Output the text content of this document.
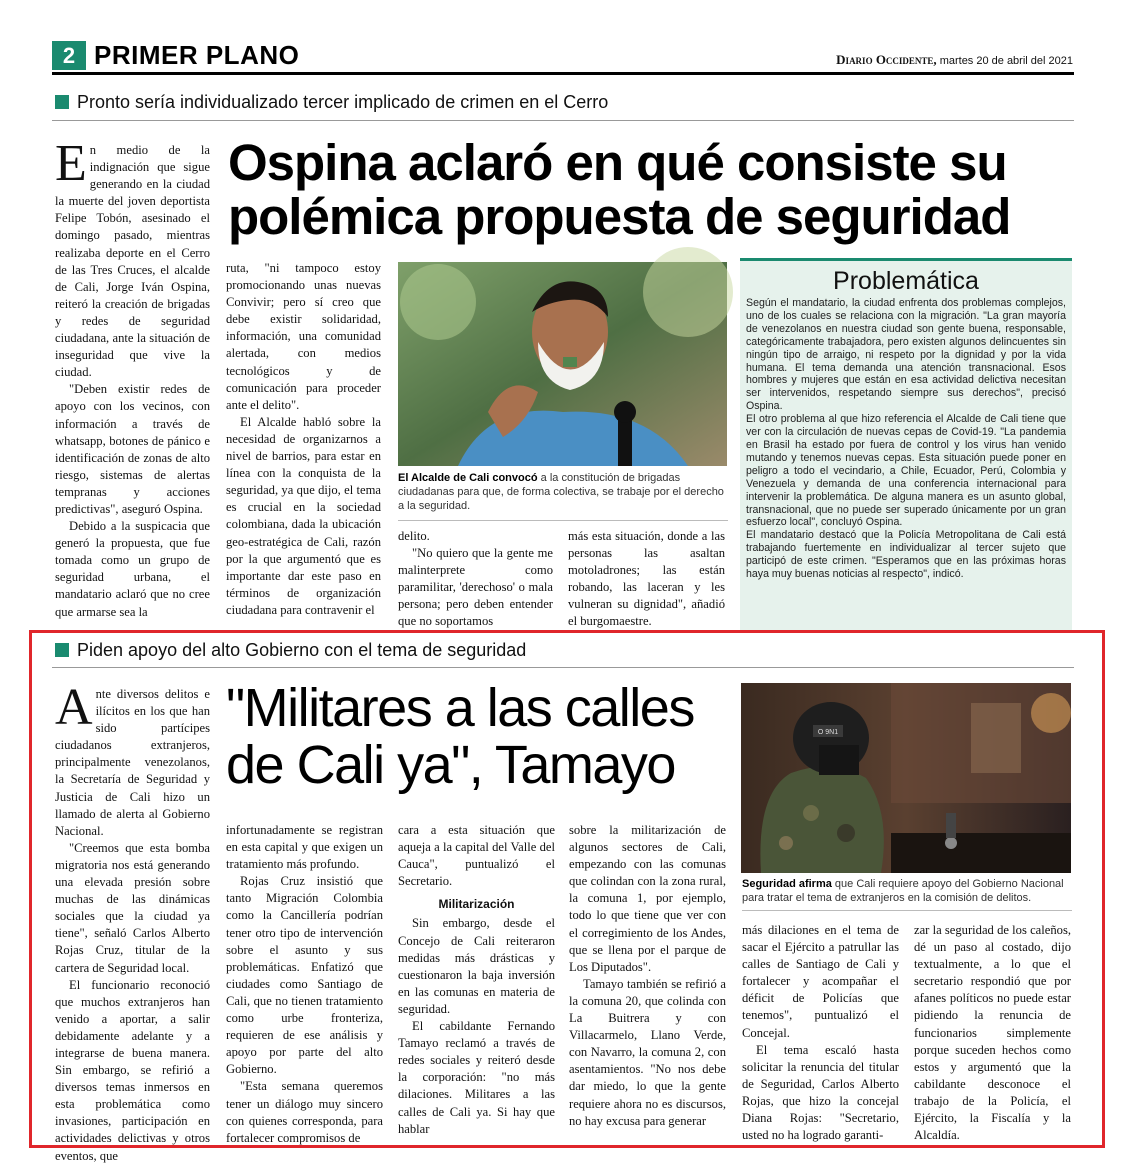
2 PRIMER PLANO	Diario Occidente, martes 20 de abril del 2021
Pronto sería individualizado tercer implicado de crimen en el Cerro
Ospina aclaró en qué consiste su
polémica propuesta de seguridad

En medio de la indignación que sigue generando en la ciudad la muerte del joven deportista Felipe Tobón, asesinado el domingo pasado, mientras realizaba deporte en el Cerro de las Tres Cruces, el alcalde de Cali, Jorge Iván Ospina, reiteró la creación de brigadas y redes de seguridad ciudadana, ante la situación de inseguridad que vive la ciudad.

"Deben existir redes de apoyo con los vecinos, con información a través de whatsapp, botones de pánico e identificación de zonas de alto riesgo, sistemas de alertas tempranas y acciones predictivas", aseguró Ospina.

Debido a la suspicacia que generó la propuesta, que fue tomada como un grupo de seguridad urbana, el mandatario aclaró que no cree que armarse sea la

ruta, "ni tampoco estoy promocionando unas nuevas Convivir; pero sí creo que debe existir solidaridad, información, una comunidad alertada, con medios tecnológicos y de comunicación para proceder ante el delito".

El Alcalde habló sobre la necesidad de organizarnos a nivel de barrios, para estar en línea con la conquista de la seguridad, ya que dijo, el tema es crucial en la sociedad colombiana, dada la ubicación geo-estratégica de Cali, razón por la que argumentó que es importante dar este paso en términos de organización ciudadana para contravenir el

El Alcalde de Cali convocó a la constitución de brigadas ciudadanas para que, de forma colectiva, se trabaje por el derecho a la seguridad.

delito.

"No quiero que la gente me malinterprete como paramilitar, 'derechoso' o mala persona; pero deben entender que no soportamos

más esta situación, donde a las personas las asaltan motoladrones; las están robando, las laceran y les vulneran su dignidad", añadió el burgomaestre.

Problemática
Según el mandatario, la ciudad enfrenta dos problemas complejos, uno de los cuales se relaciona con la migración. "La gran mayoría de venezolanos en nuestra ciudad son gente buena, responsable, categóricamente trabajadora, pero existen algunos delincuentes sin ningún tipo de arraigo, ni respeto por la dignidad y por la vida humana. El tema demanda una atención transnacional. Esos hombres y mujeres que están en esa actividad delictiva necesitan ser intervenidos, respetando siempre sus derechos", precisó Ospina.
El otro problema al que hizo referencia el Alcalde de Cali tiene que ver con la circulación de nuevas cepas de Covid-19. "La pandemia en Brasil ha estado por fuera de control y los virus han venido mutando y tenemos nuevas cepas. Esta situación puede poner en peligro a todo el vecindario, a Chile, Ecuador, Perú, Colombia y Venezuela y demanda de una conferencia internacional para intervenir la problemática. De alguna manera es un asunto global, transnacional, que no puede ser superado únicamente por un gran esfuerzo local", concluyó Ospina.
El mandatario destacó que la Policía Metropolitana de Cali está trabajando fuertemente en individualizar al tercer sujeto que participó de este crimen. "Esperamos que en las próximas horas haya muy buenas noticias al respecto", indicó.
Piden apoyo del alto Gobierno con el tema de seguridad
"Militares a las calles
de Cali ya", Tamayo

Ante diversos delitos e ilícitos en los que han sido partícipes ciudadanos extranjeros, principalmente venezolanos, la Secretaría de Seguridad y Justicia de Cali hizo un llamado de alerta al Gobierno Nacional.

"Creemos que esta bomba migratoria nos está generando una elevada presión sobre muchas de las dinámicas sociales que la ciudad ya tiene", señaló Carlos Alberto Rojas Cruz, titular de la cartera de Seguridad local.

El funcionario reconoció que muchos extranjeros han venido a aportar, a salir debidamente adelante y a integrarse de buena manera. Sin embargo, se refirió a diversos temas inmersos en esta problemática como invasiones, participación en actividades delictivas y otros eventos, que

infortunadamente se registran en esta capital y que exigen un tratamiento más profundo.

Rojas Cruz insistió que tanto Migración Colombia como la Cancillería podrían tener otro tipo de intervención sobre el asunto y sus problemáticas. Enfatizó que ciudades como Santiago de Cali, que no tienen tratamiento como urbe fronteriza, requieren de ese análisis y apoyo por parte del alto Gobierno.

"Esta semana queremos tener un diálogo muy sincero con quienes corresponda, para fortalecer compromisos de

cara a esta situación que aqueja a la capital del Valle del Cauca", puntualizó el Secretario.

Militarización

Sin embargo, desde el Concejo de Cali reiteraron medidas más drásticas y cuestionaron la baja inversión en las comunas en materia de seguridad.

El cabildante Fernando Tamayo reclamó a través de redes sociales y reiteró desde la corporación: "no más dilaciones. Militares a las calles de Cali ya. Si hay que hablar

sobre la militarización de algunos sectores de Cali, empezando con las comunas que colindan con la zona rural, la comuna 1, por ejemplo, todo lo que tiene que ver con el corregimiento de los Andes, que se llena por el parque de Los Diputados".

Tamayo también se refirió a la comuna 20, que colinda con La Buitrera y con Villacarmelo, Llano Verde, con Navarro, la comuna 2, con asentamientos. "No nos debe dar miedo, lo que la gente requiere ahora no es discursos, no hay excusa para generar

O 9N1
Seguridad afirma que Cali requiere apoyo del Gobierno Nacional para tratar el tema de extranjeros en la comisión de delitos.

más dilaciones en el tema de sacar el Ejército a patrullar las calles de Santiago de Cali y fortalecer y acompañar el déficit de Policías que tenemos", puntualizó el Concejal.

El tema escaló hasta solicitar la renuncia del titular de Seguridad, Carlos Alberto Rojas, que hizo la concejal Diana Rojas: "Secretario, usted no ha logrado garanti-

zar la seguridad de los caleños, dé un paso al costado, dijo textualmente, a lo que el secretario respondió que por afanes políticos no puede estar pidiendo la renuncia de funcionarios simplemente porque suceden hechos como estos y argumentó que la cabildante desconoce el trabajo de la Policía, el Ejército, la Fiscalía y la Alcaldía.
